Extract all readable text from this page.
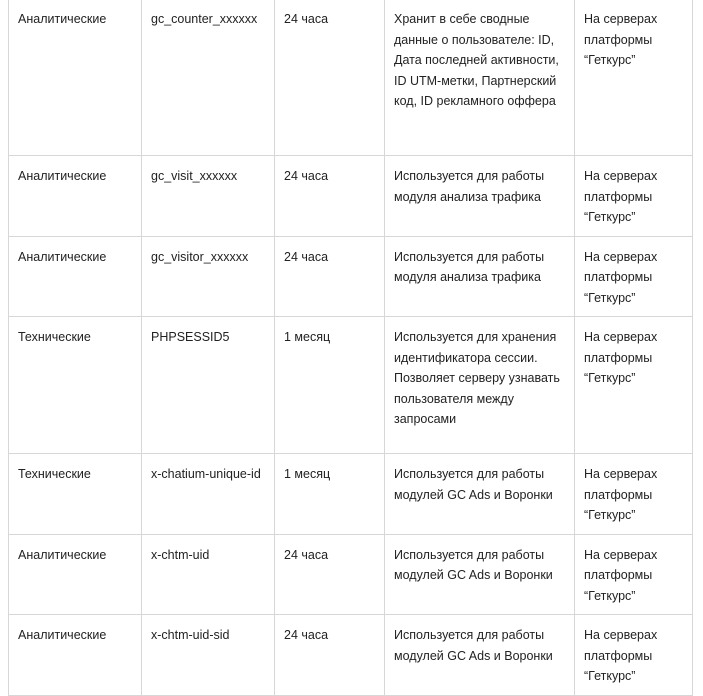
Аналитические	gc_counter_xxxxxx	24 часа	Хранит в себе сводные данные о пользователе: ID, Дата последней активности, ID UTM-метки, Партнерский код, ID рекламного оффера	На серверах платформы “Геткурс”
Аналитические	gc_visit_xxxxxx	24 часа	Используется для работы модуля анализа трафика	На серверах платформы “Геткурс”
Аналитические	gc_visitor_xxxxxx	24 часа	Используется для работы модуля анализа трафика	На серверах платформы “Геткурс”
Технические	PHPSESSID5	1 месяц	Используется для хранения идентификатора сессии. Позволяет серверу узнавать пользователя между запросами	На серверах платформы “Геткурс”
Технические	x-chatium-unique-id	1 месяц	Используется для работы модулей GC Ads и Воронки	На серверах платформы “Геткурс”
Аналитические	x-chtm-uid	24 часа	Используется для работы модулей GC Ads и Воронки	На серверах платформы “Геткурс”
Аналитические	x-chtm-uid-sid	24 часа	Используется для работы модулей GC Ads и Воронки	На серверах платформы “Геткурс”
